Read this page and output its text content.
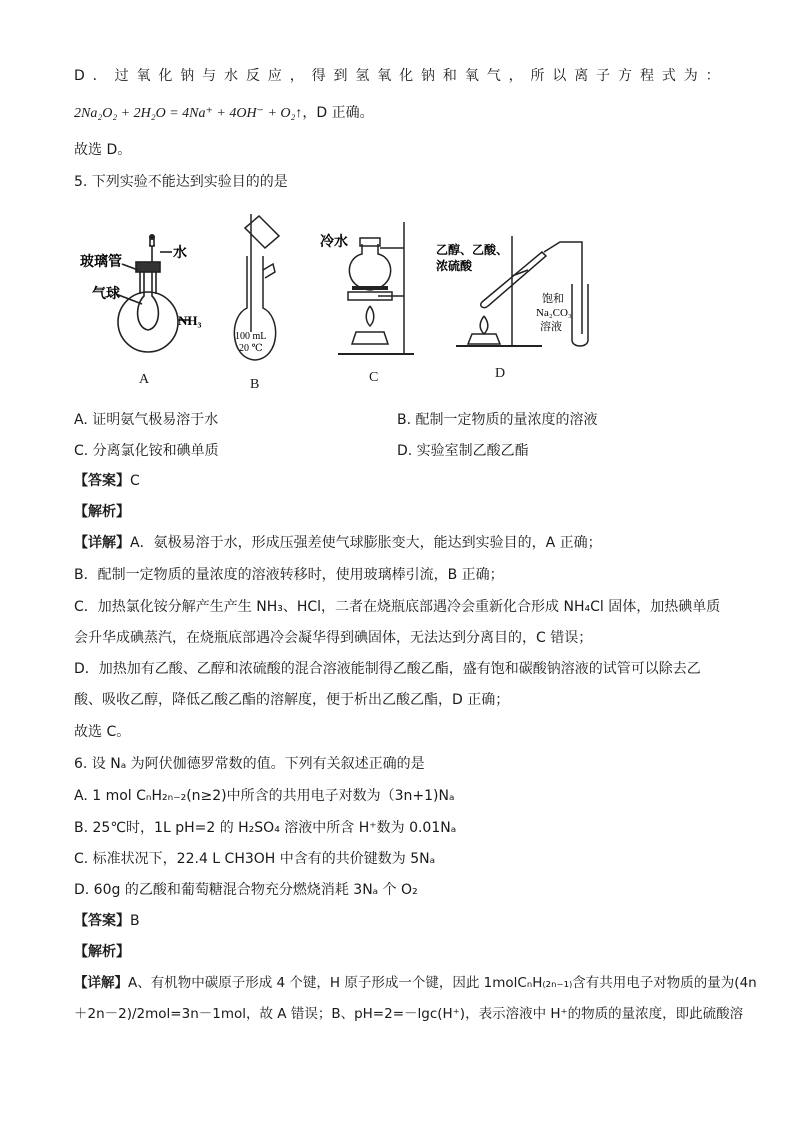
D ． 过 氧 化 钠 与 水 反 应 ， 得 到 氢 氧 化 钠 和 氧 气 ， 所 以 离 子 方 程 式 为 ：
2Na₂O₂ + 2H₂O = 4Na⁺ + 4OH⁻ + O₂↑，D 正确。
故选 D。
5. 下列实验不能达到实验目的的是
玻璃管
水
气球
NH₃
100 mL
20 ℃
冷水	乙醇、乙酸、
浓硫酸
饱和
Na₂CO₃
溶液
A	B	C	D
A. 证明氨气极易溶于水	B. 配制一定物质的量浓度的溶液
C. 分离氯化铵和碘单质	D. 实验室制乙酸乙酯
【答案】C
【解析】
【详解】A．氨极易溶于水，形成压强差使气球膨胀变大，能达到实验目的，A 正确；
B．配制一定物质的量浓度的溶液转移时，使用玻璃棒引流，B 正确；
C．加热氯化铵分解产生产生 NH₃、HCl，二者在烧瓶底部遇冷会重新化合形成 NH₄Cl 固体，加热碘单质
会升华成碘蒸汽，在烧瓶底部遇冷会凝华得到碘固体，无法达到分离目的，C 错误；
D．加热加有乙酸、乙醇和浓硫酸的混合溶液能制得乙酸乙酯，盛有饱和碳酸钠溶液的试管可以除去乙
酸、吸收乙醇，降低乙酸乙酯的溶解度，便于析出乙酸乙酯，D 正确；
故选 C。
6. 设 Nₐ 为阿伏伽德罗常数的值。下列有关叙述正确的是
A. 1 mol CₙH₂ₙ₋₂(n≥2)中所含的共用电子对数为（3n+1)Nₐ
B. 25℃时，1L pH=2 的 H₂SO₄ 溶液中所含 H⁺数为 0.01Nₐ
C. 标准状况下，22.4 L CH3OH 中含有的共价键数为 5Nₐ
D. 60g 的乙酸和葡萄糖混合物充分燃烧消耗 3Nₐ 个 O₂
【答案】B
【解析】
【详解】A、有机物中碳原子形成 4 个键，H 原子形成一个键，因此 1molCₙH₍₂ₙ₋₁₎含有共用电子对物质的量为(4n
＋2n－2)/2mol=3n－1mol，故 A 错误；B、pH=2=－lgc(H⁺)，表示溶液中 H⁺的物质的量浓度，即此硫酸溶
